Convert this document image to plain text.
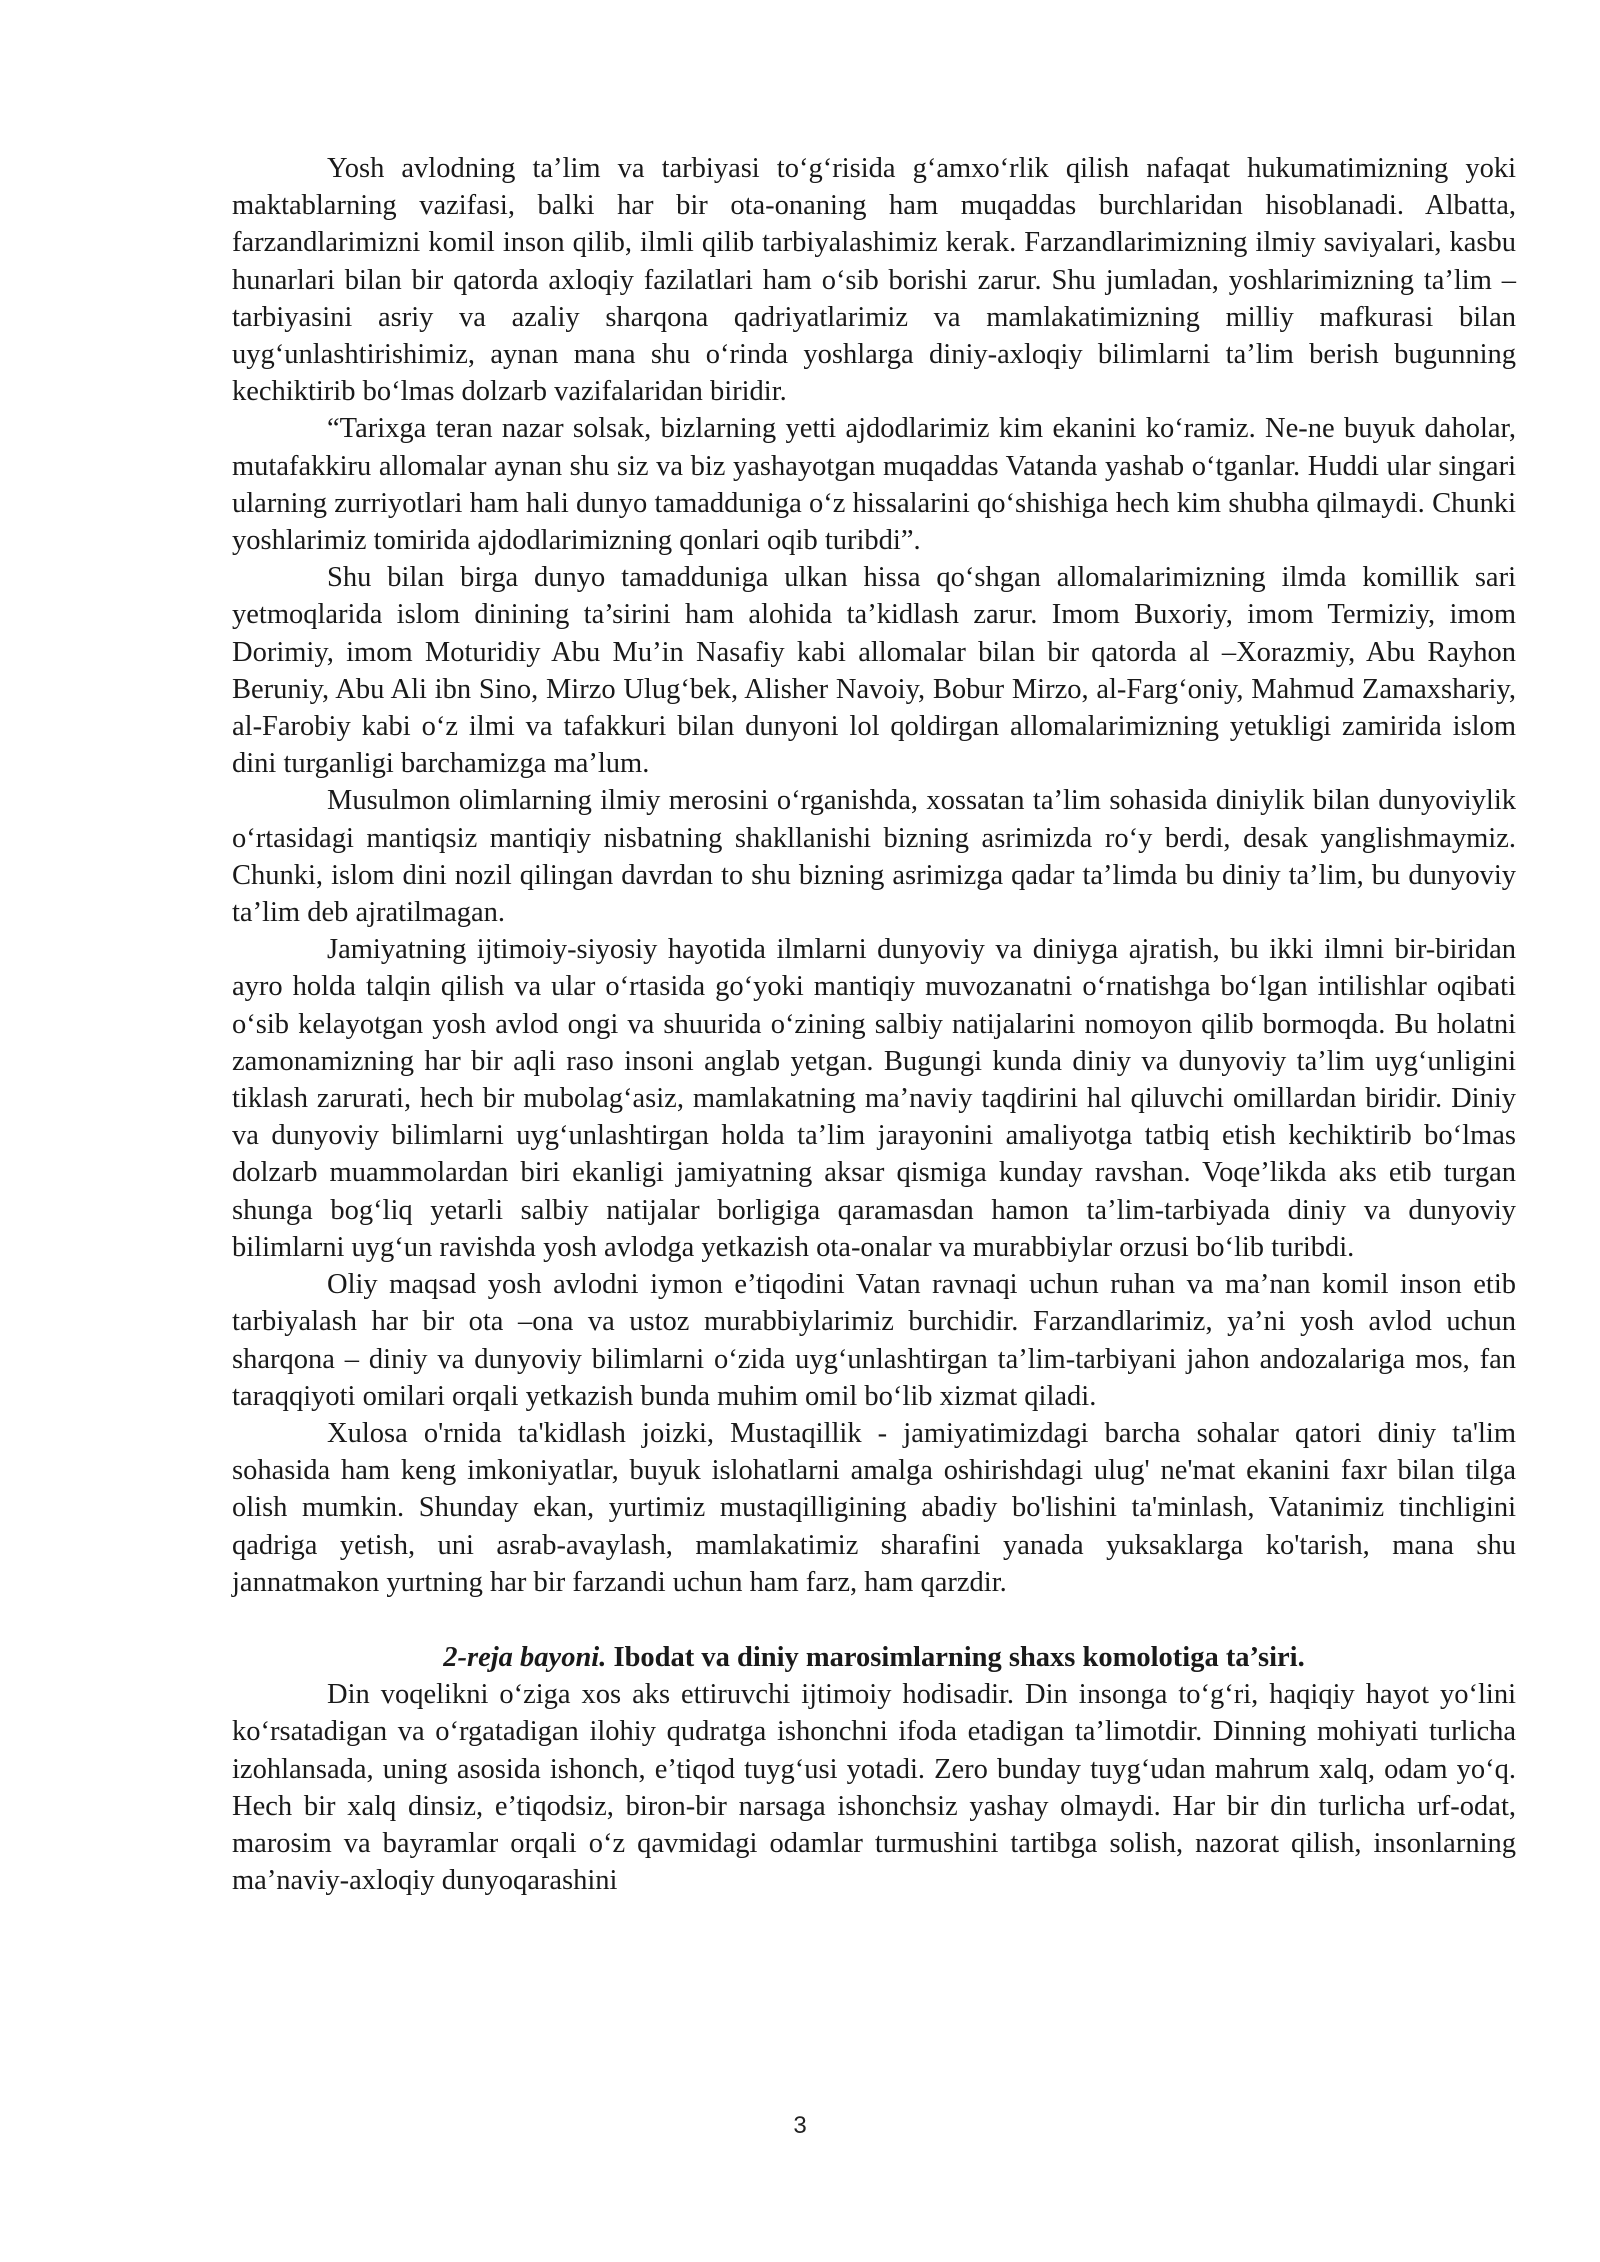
Yosh avlodning ta’lim va tarbiyasi to‘g‘risida g‘amxo‘rlik qilish nafaqat hukumatimizning yoki maktablarning vazifasi, balki har bir ota-onaning ham muqaddas burchlaridan hisoblanadi. Albatta, farzandlarimizni komil inson qilib, ilmli qilib tarbiyalashimiz kerak. Farzandlarimizning ilmiy saviyalari, kasbu hunarlari bilan bir qatorda axloqiy fazilatlari ham o‘sib borishi zarur. Shu jumladan, yoshlarimizning ta’lim –tarbiyasini asriy va azaliy sharqona qadriyatlarimiz va mamlakatimizning milliy mafkurasi bilan uyg‘unlashtirishimiz, aynan mana shu o‘rinda yoshlarga diniy-axloqiy bilimlarni ta’lim berish bugunning kechiktirib bo‘lmas dolzarb vazifalaridan biridir.

“Tarixga teran nazar solsak, bizlarning yetti ajdodlarimiz kim ekanini ko‘ramiz. Ne-ne buyuk daholar, mutafakkiru allomalar aynan shu siz va biz yashayotgan muqaddas Vatanda yashab o‘tganlar. Huddi ular singari ularning zurriyotlari ham hali dunyo tamadduniga o‘z hissalarini qo‘shishiga hech kim shubha qilmaydi. Chunki yoshlarimiz tomirida ajdodlarimizning qonlari oqib turibdi”.

Shu bilan birga dunyo tamadduniga ulkan hissa qo‘shgan allomalarimizning ilmda komillik sari yetmoqlarida islom dinining ta’sirini ham alohida ta’kidlash zarur. Imom Buxoriy, imom Termiziy, imom Dorimiy, imom Moturidiy Abu Mu’in Nasafiy kabi allomalar bilan bir qatorda al –Xorazmiy, Abu Rayhon Beruniy, Abu Ali ibn Sino, Mirzo Ulug‘bek, Alisher Navoiy, Bobur Mirzo, al-Farg‘oniy, Mahmud Zamaxshariy, al-Farobiy kabi o‘z ilmi va tafakkuri bilan dunyoni lol qoldirgan allomalarimizning yetukligi zamirida islom dini turganligi barchamizga ma’lum.

Musulmon olimlarning ilmiy merosini o‘rganishda, xossatan ta’lim sohasida diniylik bilan dunyoviylik o‘rtasidagi mantiqsiz mantiqiy nisbatning shakllanishi bizning asrimizda ro‘y berdi, desak yanglishmaymiz. Chunki, islom dini nozil qilingan davrdan to shu bizning asrimizga qadar ta’limda bu diniy ta’lim, bu dunyoviy ta’lim deb ajratilmagan.

Jamiyatning ijtimoiy-siyosiy hayotida ilmlarni dunyoviy va diniyga ajratish, bu ikki ilmni bir-biridan ayro holda talqin qilish va ular o‘rtasida go‘yoki mantiqiy muvozanatni o‘rnatishga bo‘lgan intilishlar oqibati o‘sib kelayotgan yosh avlod ongi va shuurida o‘zining salbiy natijalarini nomoyon qilib bormoqda. Bu holatni zamonamizning har bir aqli raso insoni anglab yetgan. Bugungi kunda diniy va dunyoviy ta’lim uyg‘unligini tiklash zarurati, hech bir mubolag‘asiz, mamlakatning ma’naviy taqdirini hal qiluvchi omillardan biridir. Diniy va dunyoviy bilimlarni uyg‘unlashtirgan holda ta’lim jarayonini amaliyotga tatbiq etish kechiktirib bo‘lmas dolzarb muammolardan biri ekanligi jamiyatning aksar qismiga kunday ravshan. Voqe’likda aks etib turgan shunga bog‘liq yetarli salbiy natijalar borligiga qaramasdan hamon ta’lim-tarbiyada diniy va dunyoviy bilimlarni uyg‘un ravishda yosh avlodga yetkazish ota-onalar va murabbiylar orzusi bo‘lib turibdi.

Oliy maqsad yosh avlodni iymon e’tiqodini Vatan ravnaqi uchun ruhan va ma’nan komil inson etib tarbiyalash har bir ota –ona va ustoz murabbiylarimiz burchidir. Farzandlarimiz, ya’ni yosh avlod uchun sharqona – diniy va dunyoviy bilimlarni o‘zida uyg‘unlashtirgan ta’lim-tarbiyani jahon andozalariga mos, fan taraqqiyoti omilari orqali yetkazish bunda muhim omil bo‘lib xizmat qiladi.

Xulosa o'rnida ta'kidlash joizki, Mustaqillik - jamiyatimizdagi barcha sohalar qatori diniy ta'lim sohasida ham keng imkoniyatlar, buyuk islohatlarni amalga oshirishdagi ulug' ne'mat ekanini faxr bilan tilga olish mumkin. Shunday ekan, yurtimiz mustaqilligining abadiy bo'lishini ta'minlash, Vatanimiz tinchligini qadriga yetish, uni asrab-avaylash, mamlakatimiz sharafini yanada yuksaklarga ko'tarish, mana shu jannatmakon yurtning har bir farzandi uchun ham farz, ham qarzdir.

2-reja bayoni. Ibodat va diniy marosimlarning shaxs komolotiga ta’siri.

Din voqelikni o‘ziga xos aks ettiruvchi ijtimoiy hodisadir. Din insonga to‘g‘ri, haqiqiy hayot yo‘lini ko‘rsatadigan va o‘rgatadigan ilohiy qudratga ishonchni ifoda etadigan ta’limotdir. Dinning mohiyati turlicha izohlansada, uning asosida ishonch, e’tiqod tuyg‘usi yotadi. Zero bunday tuyg‘udan mahrum xalq, odam yo‘q. Hech bir xalq dinsiz, e’tiqodsiz, biron-bir narsaga ishonchsiz yashay olmaydi. Har bir din turlicha urf-odat, marosim va bayramlar orqali o‘z qavmidagi odamlar turmushini tartibga solish, nazorat qilish, insonlarning ma’naviy-axloqiy dunyoqarashini

3
